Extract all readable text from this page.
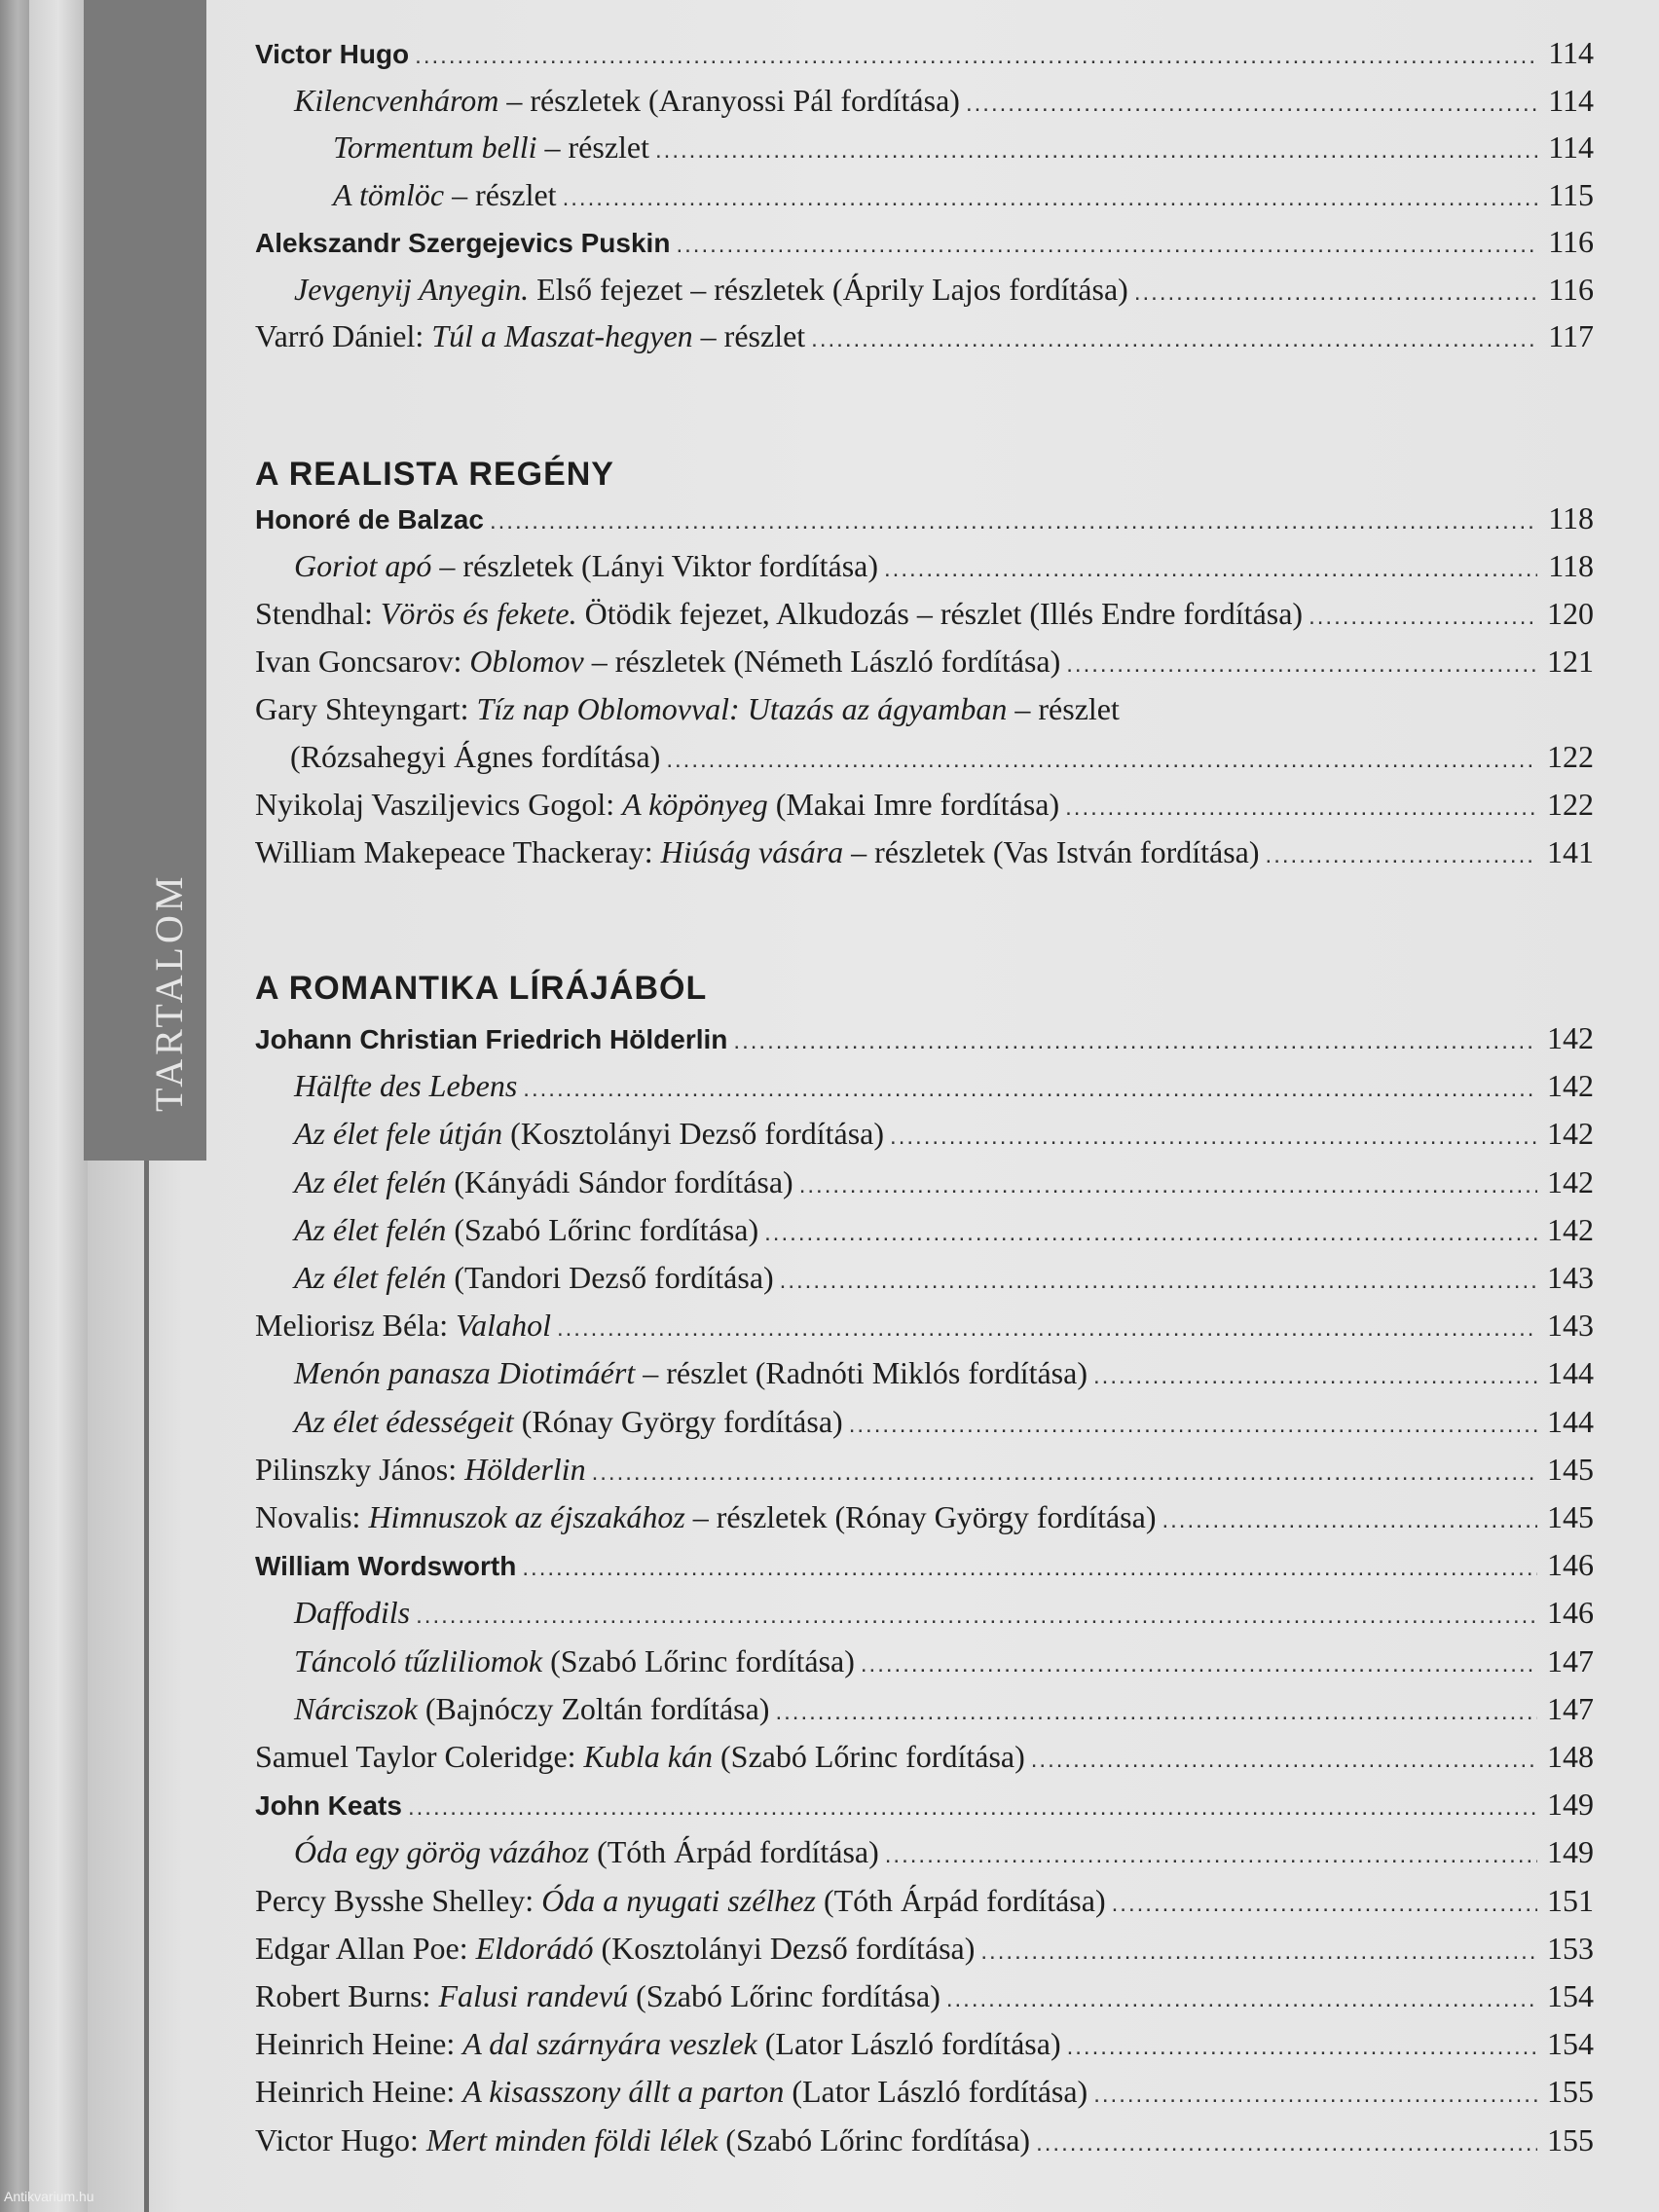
TARTALOM
Antikvarium.hu
Victor Hugo .....	114
Kilencvenhárom – részletek (Aranyossi Pál fordítása) .....	114
Tormentum belli – részlet .....	114
A tömlöc – részlet .....	115
Alekszandr Szergejevics Puskin .....	116
Jevgenyij Anyegin. Első fejezet – részletek (Áprily Lajos fordítása) .....	116
Varró Dániel: Túl a Maszat-hegyen – részlet .....	117
A REALISTA REGÉNY
Honoré de Balzac .....	118
Goriot apó – részletek (Lányi Viktor fordítása) .....	118
Stendhal: Vörös és fekete. Ötödik fejezet, Alkudozás – részlet (Illés Endre fordítása) .....	120
Ivan Goncsarov: Oblomov – részletek (Németh László fordítása) .....	121
Gary Shteyngart: Tíz nap Oblomovval: Utazás az ágyamban – részlet
(Rózsahegyi Ágnes fordítása) .....	122
Nyikolaj Vasziljevics Gogol: A köpönyeg (Makai Imre fordítása) .....	122
William Makepeace Thackeray: Hiúság vására – részletek (Vas István fordítása) .....	141
A ROMANTIKA LÍRÁJÁBÓL
Johann Christian Friedrich Hölderlin .....	142
Hälfte des Lebens .....	142
Az élet fele útján (Kosztolányi Dezső fordítása) .....	142
Az élet felén (Kányádi Sándor fordítása) .....	142
Az élet felén (Szabó Lőrinc fordítása) .....	142
Az élet felén (Tandori Dezső fordítása) .....	143
Meliorisz Béla: Valahol .....	143
Menón panasza Diotimáért – részlet (Radnóti Miklós fordítása) .....	144
Az élet édességeit (Rónay György fordítása) .....	144
Pilinszky János: Hölderlin .....	145
Novalis: Himnuszok az éjszakához – részletek (Rónay György fordítása) .....	145
William Wordsworth .....	146
Daffodils .....	146
Táncoló tűzliliomok (Szabó Lőrinc fordítása) .....	147
Nárciszok (Bajnóczy Zoltán fordítása) .....	147
Samuel Taylor Coleridge: Kubla kán (Szabó Lőrinc fordítása) .....	148
John Keats .....	149
Óda egy görög vázához (Tóth Árpád fordítása) .....	149
Percy Bysshe Shelley: Óda a nyugati szélhez (Tóth Árpád fordítása) .....	151
Edgar Allan Poe: Eldorádó (Kosztolányi Dezső fordítása) .....	153
Robert Burns: Falusi randevú (Szabó Lőrinc fordítása) .....	154
Heinrich Heine: A dal szárnyára veszlek (Lator László fordítása) .....	154
Heinrich Heine: A kisasszony állt a parton (Lator László fordítása) .....	155
Victor Hugo: Mert minden földi lélek (Szabó Lőrinc fordítása) .....	155
